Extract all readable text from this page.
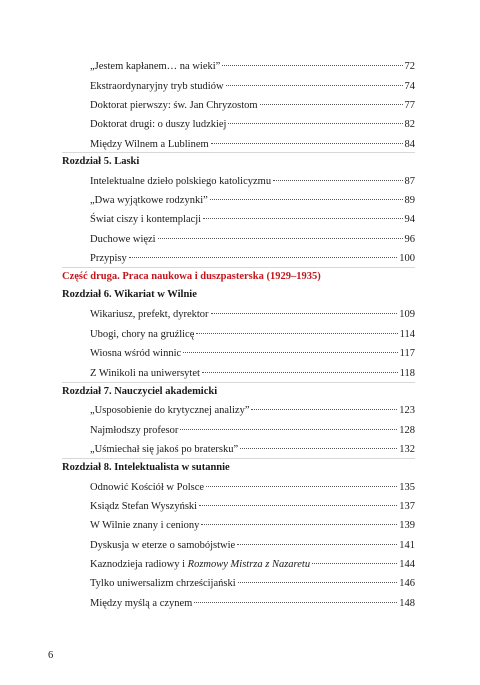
„Jestem kapłanem… na wieki”	72
Ekstraordynaryjny tryb studiów	74
Doktorat pierwszy: św. Jan Chryzostom	77
Doktorat drugi: o duszy ludzkiej	82
Między Wilnem a Lublinem	84
Rozdział 5. Laski
Intelektualne dzieło polskiego katolicyzmu	87
„Dwa wyjątkowe rodzynki”	89
Świat ciszy i kontemplacji	94
Duchowe więzi	96
Przypisy	100
Część druga. Praca naukowa i duszpasterska (1929–1935)
Rozdział 6. Wikariat w Wilnie
Wikariusz, prefekt, dyrektor	109
Ubogi, chory na gruźlicę	114
Wiosna wśród winnic	117
Z Winikoli na uniwersytet	118
Rozdział 7. Nauczyciel akademicki
„Usposobienie do krytycznej analizy”	123
Najmłodszy profesor	128
„Uśmiechał się jakoś po bratersku”	132
Rozdział 8. Intelektualista w sutannie
Odnowić Kościół w Polsce	135
Ksiądz Stefan Wyszyński	137
W Wilnie znany i ceniony	139
Dyskusja w eterze o samobójstwie	141
Kaznodzieja radiowy i Rozmowy Mistrza z Nazaretu	144
Tylko uniwersalizm chrześcijański	146
Między myślą a czynem	148
6
